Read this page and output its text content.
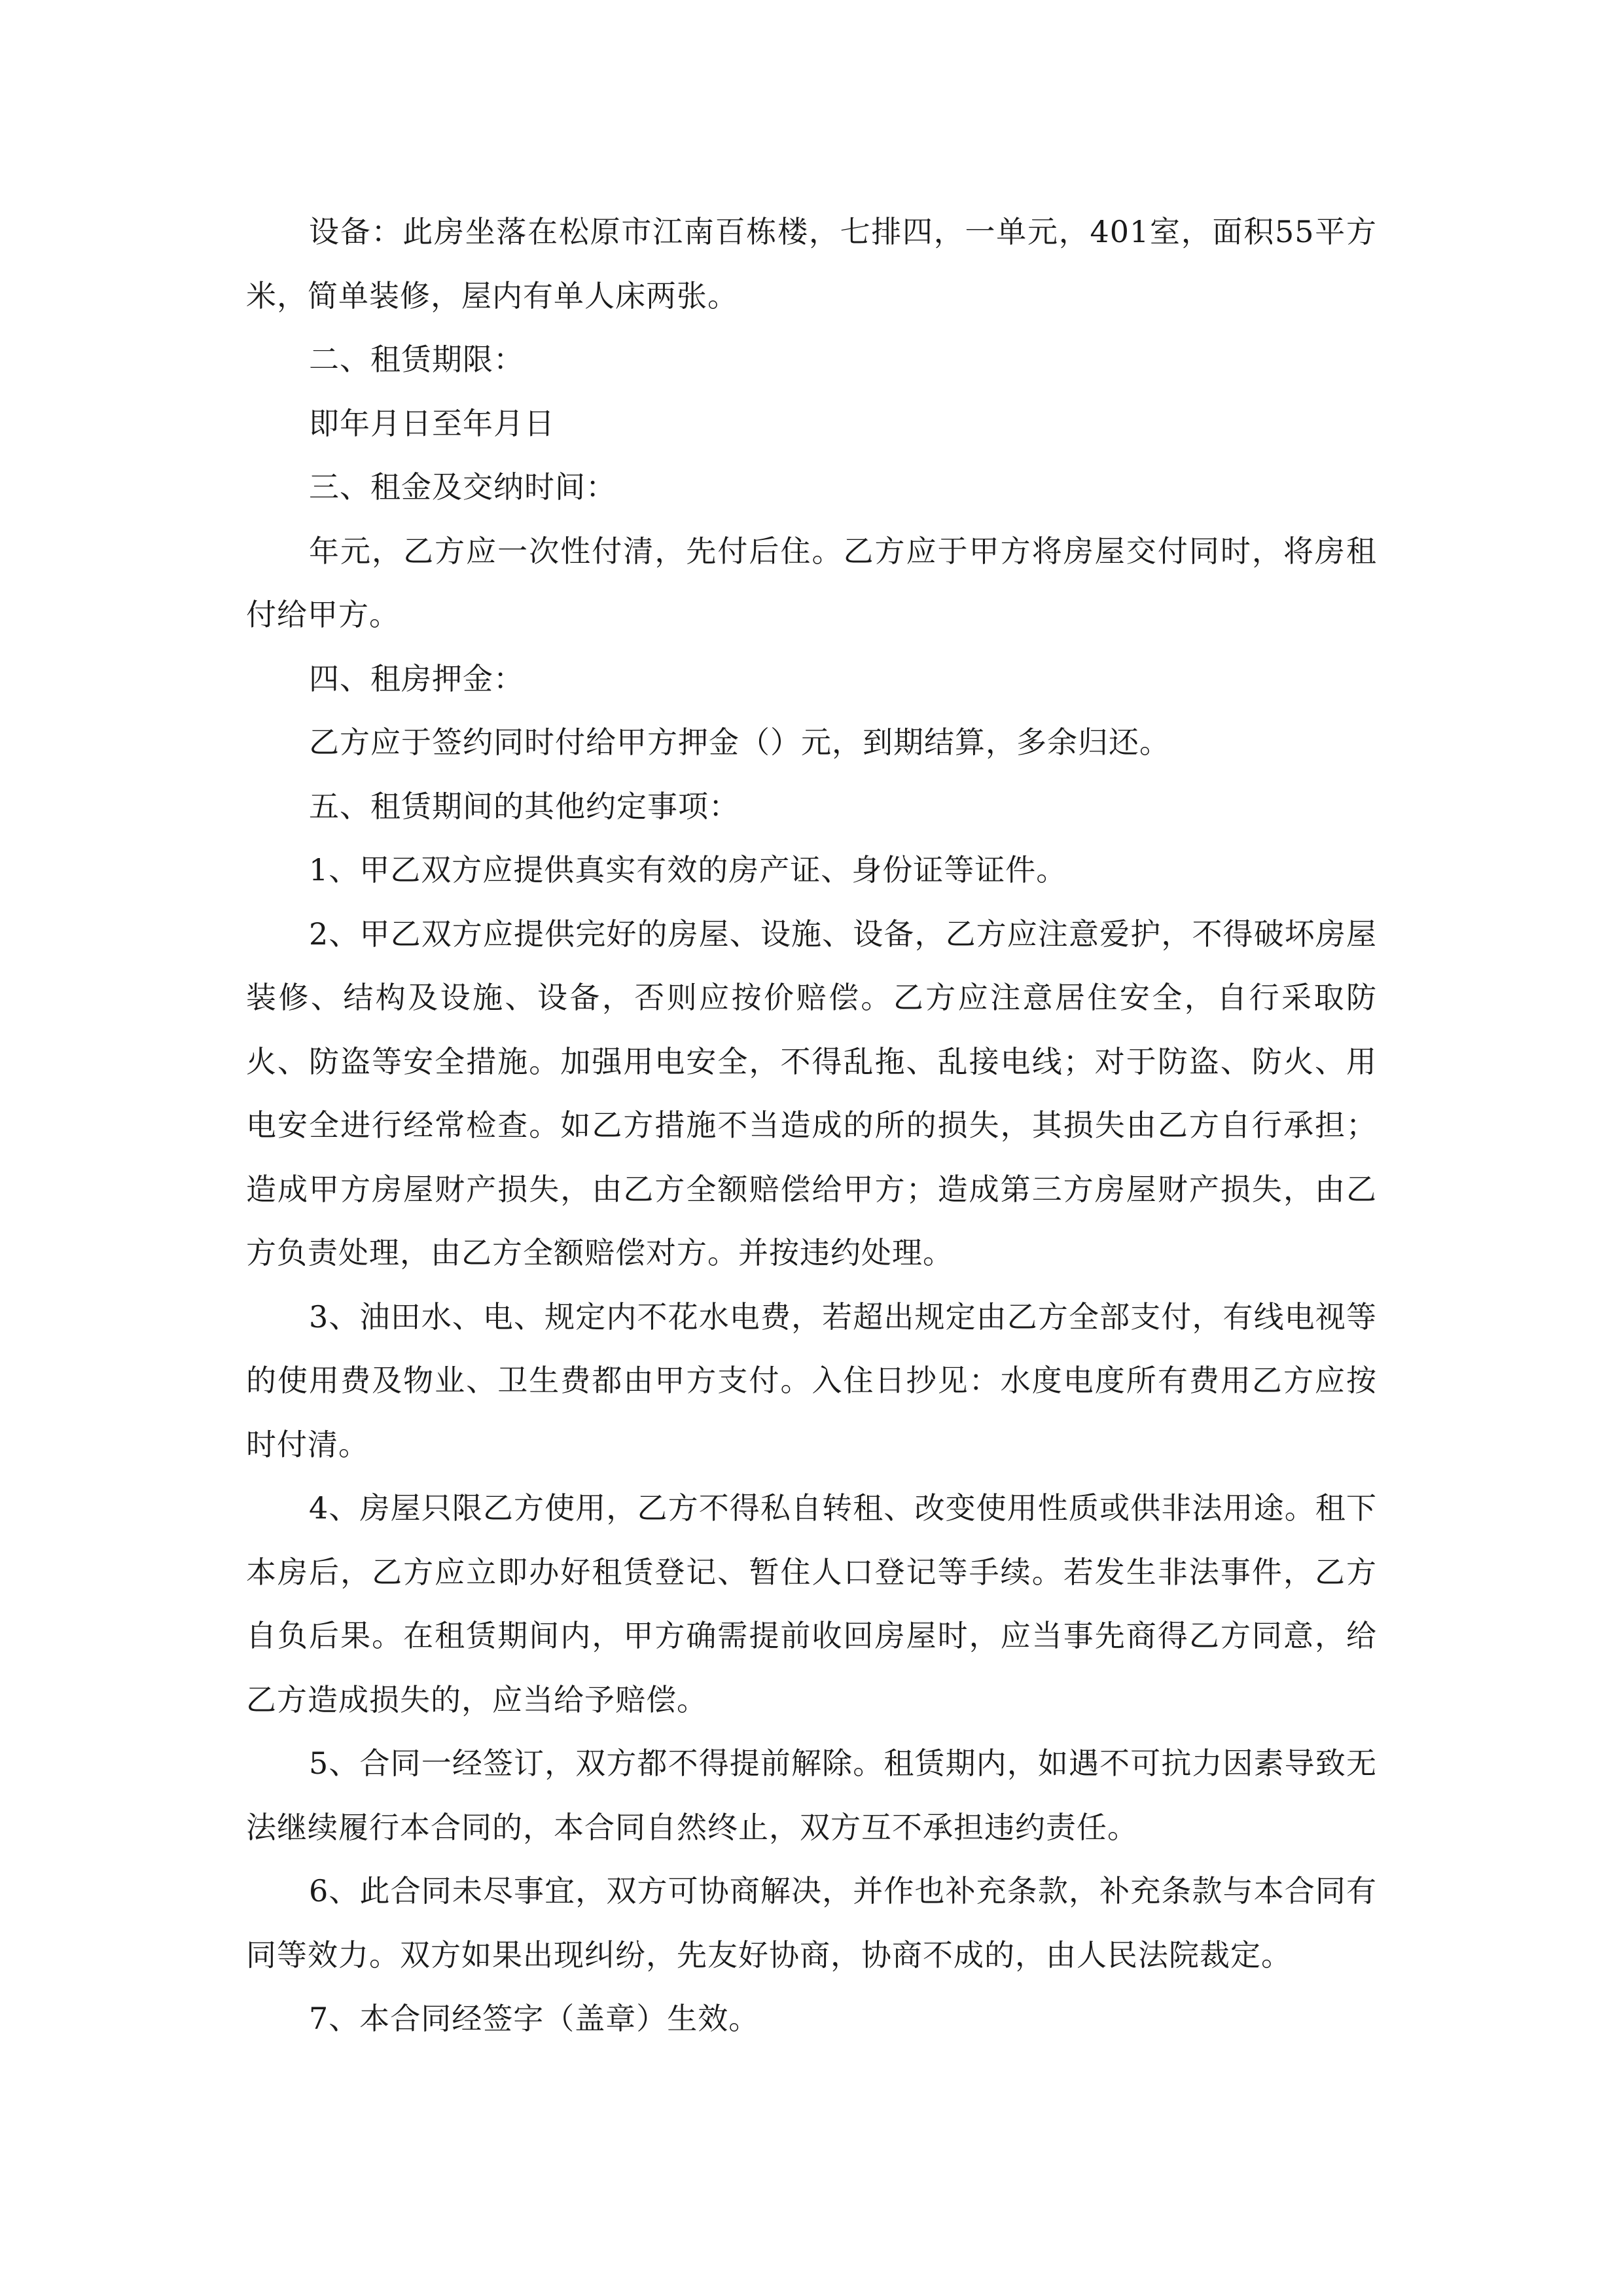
设备：此房坐落在松原市江南百栋楼，七排四，一单元，401室，面积55平方米，简单装修，屋内有单人床两张。

二、租赁期限：

即年月日至年月日

三、租金及交纳时间：

年元，乙方应一次性付清，先付后住。乙方应于甲方将房屋交付同时，将房租付给甲方。

四、租房押金：

乙方应于签约同时付给甲方押金（）元，到期结算，多余归还。

五、租赁期间的其他约定事项：

1、甲乙双方应提供真实有效的房产证、身份证等证件。

2、甲乙双方应提供完好的房屋、设施、设备，乙方应注意爱护，不得破坏房屋装修、结构及设施、设备，否则应按价赔偿。乙方应注意居住安全，自行采取防火、防盗等安全措施。加强用电安全，不得乱拖、乱接电线；对于防盗、防火、用电安全进行经常检查。如乙方措施不当造成的所的损失，其损失由乙方自行承担；造成甲方房屋财产损失，由乙方全额赔偿给甲方；造成第三方房屋财产损失，由乙方负责处理，由乙方全额赔偿对方。并按违约处理。

3、油田水、电、规定内不花水电费，若超出规定由乙方全部支付，有线电视等的使用费及物业、卫生费都由甲方支付。入住日抄见：水度电度所有费用乙方应按时付清。

4、房屋只限乙方使用，乙方不得私自转租、改变使用性质或供非法用途。租下本房后，乙方应立即办好租赁登记、暂住人口登记等手续。若发生非法事件，乙方自负后果。在租赁期间内，甲方确需提前收回房屋时，应当事先商得乙方同意，给乙方造成损失的，应当给予赔偿。

5、合同一经签订，双方都不得提前解除。租赁期内，如遇不可抗力因素导致无法继续履行本合同的，本合同自然终止，双方互不承担违约责任。

6、此合同未尽事宜，双方可协商解决，并作也补充条款，补充条款与本合同有同等效力。双方如果出现纠纷，先友好协商，协商不成的，由人民法院裁定。

7、本合同经签字（盖章）生效。
